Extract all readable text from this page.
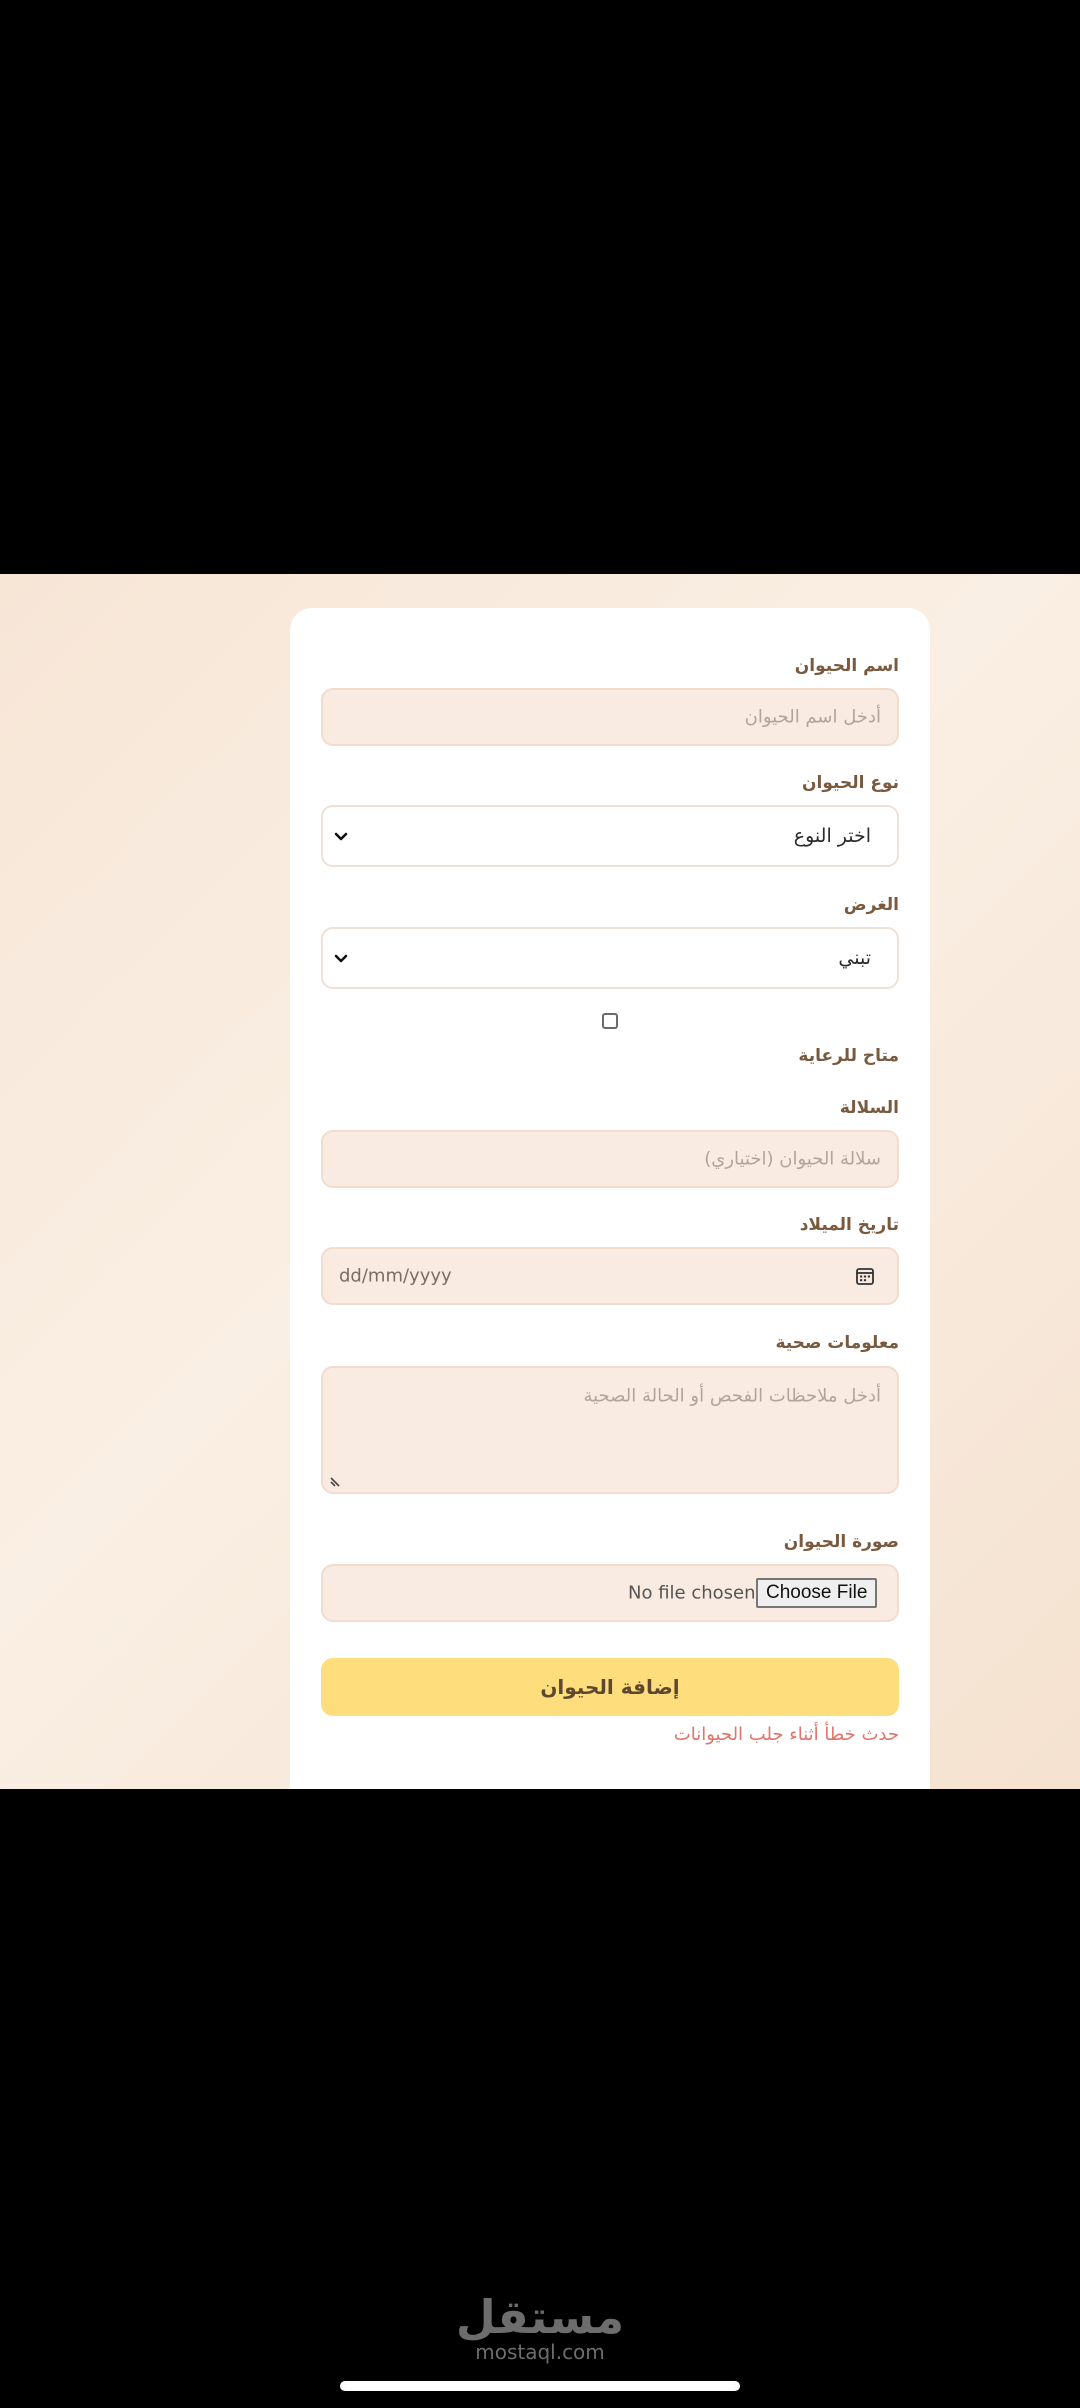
اسم الحيوان
أدخل اسم الحيوان
نوع الحيوان
اختر النوع
الغرض
تبني
متاح للرعاية
السلالة
سلالة الحيوان (اختياري)
تاريخ الميلاد
dd/mm/yyyy
معلومات صحية
أدخل ملاحظات الفحص أو الحالة الصحية
صورة الحيوان
Choose File
No file chosen
إضافة الحيوان
حدث خطأ أثناء جلب الحيوانات
مستقل
mostaql.com
